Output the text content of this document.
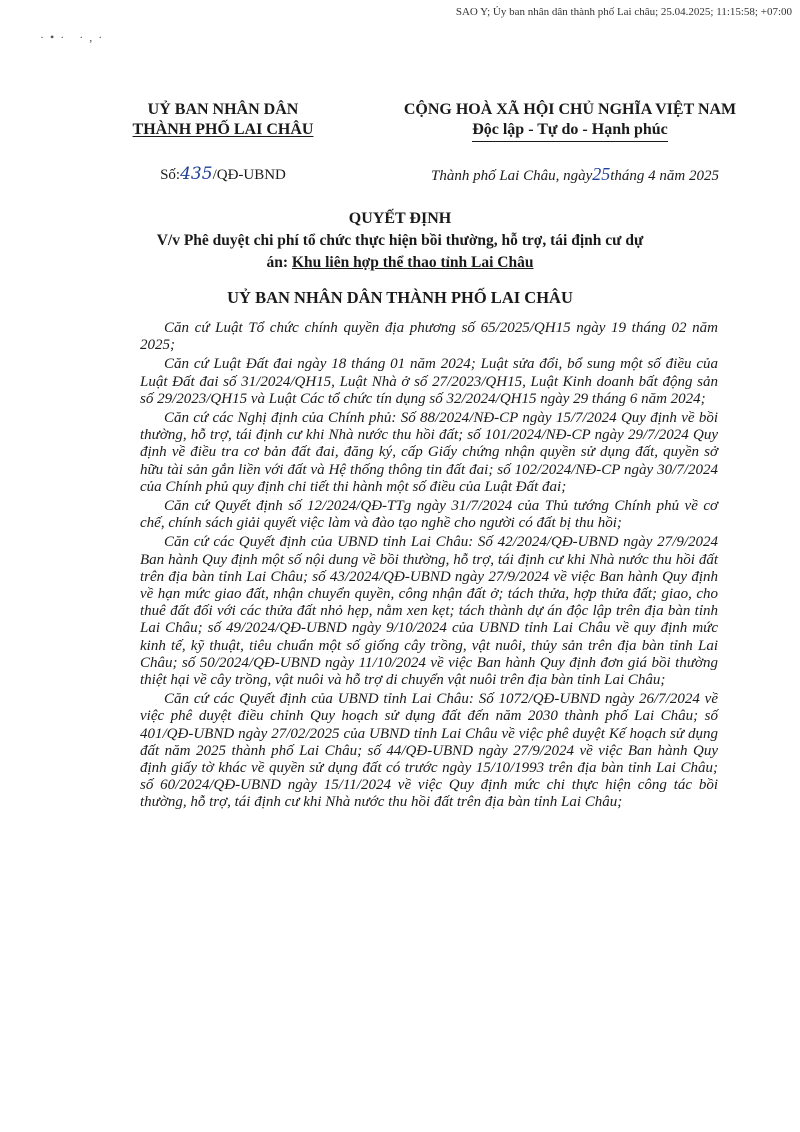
SAO Y; Ủy ban nhân dân thành phố Lai châu; 25.04.2025; 11:15:58; +07:00
·•· ·,·
UỶ BAN NHÂN DÂN
THÀNH PHỐ LAI CHÂU
CỘNG HOÀ XÃ HỘI CHỦ NGHĨA VIỆT NAM
Độc lập - Tự do - Hạnh phúc
Số:435/QĐ-UBND	Thành phố Lai Châu, ngày25tháng 4 năm 2025
QUYẾT ĐỊNH
V/v Phê duyệt chi phí tổ chức thực hiện bồi thường, hỗ trợ, tái định cư dự
án: Khu liên hợp thể thao tỉnh Lai Châu
UỶ BAN NHÂN DÂN THÀNH PHỐ LAI CHÂU

Căn cứ Luật Tổ chức chính quyền địa phương số 65/2025/QH15 ngày 19 tháng 02 năm 2025;

Căn cứ Luật Đất đai ngày 18 tháng 01 năm 2024; Luật sửa đổi, bổ sung một số điều của Luật Đất đai số 31/2024/QH15, Luật Nhà ở số 27/2023/QH15, Luật Kinh doanh bất động sản số 29/2023/QH15 và Luật Các tổ chức tín dụng số 32/2024/QH15 ngày 29 tháng 6 năm 2024;

Căn cứ các Nghị định của Chính phủ: Số 88/2024/NĐ-CP ngày 15/7/2024 Quy định về bồi thường, hỗ trợ, tái định cư khi Nhà nước thu hồi đất; số 101/2024/NĐ-CP ngày 29/7/2024 Quy định về điều tra cơ bản đất đai, đăng ký, cấp Giấy chứng nhận quyền sử dụng đất, quyền sở hữu tài sản gắn liền với đất và Hệ thống thông tin đất đai; số 102/2024/NĐ-CP ngày 30/7/2024 của Chính phủ quy định chi tiết thi hành một số điều của Luật Đất đai;

Căn cứ Quyết định số 12/2024/QĐ-TTg ngày 31/7/2024 của Thủ tướng Chính phủ về cơ chế, chính sách giải quyết việc làm và đào tạo nghề cho người có đất bị thu hồi;

Căn cứ các Quyết định của UBND tỉnh Lai Châu: Số 42/2024/QĐ-UBND ngày 27/9/2024 Ban hành Quy định một số nội dung về bồi thường, hỗ trợ, tái định cư khi Nhà nước thu hồi đất trên địa bàn tỉnh Lai Châu; số 43/2024/QĐ-UBND ngày 27/9/2024 về việc Ban hành Quy định về hạn mức giao đất, nhận chuyển quyền, công nhận đất ở; tách thửa, hợp thửa đất; giao, cho thuê đất đối với các thửa đất nhỏ hẹp, nằm xen kẹt; tách thành dự án độc lập trên địa bàn tỉnh Lai Châu; số 49/2024/QĐ-UBND ngày 9/10/2024 của UBND tỉnh Lai Châu về quy định mức kinh tế, kỹ thuật, tiêu chuẩn một số giống cây trồng, vật nuôi, thủy sản trên địa bàn tỉnh Lai Châu; số 50/2024/QĐ-UBND ngày 11/10/2024 về việc Ban hành Quy định đơn giá bồi thường thiệt hại về cây trồng, vật nuôi và hỗ trợ di chuyển vật nuôi trên địa bàn tỉnh Lai Châu;

Căn cứ các Quyết định của UBND tỉnh Lai Châu: Số 1072/QĐ-UBND ngày 26/7/2024 về việc phê duyệt điều chỉnh Quy hoạch sử dụng đất đến năm 2030 thành phố Lai Châu; số 401/QĐ-UBND ngày 27/02/2025 của UBND tỉnh Lai Châu về việc phê duyệt Kế hoạch sử dụng đất năm 2025 thành phố Lai Châu; số 44/QĐ-UBND ngày 27/9/2024 về việc Ban hành Quy định giấy tờ khác về quyền sử dụng đất có trước ngày 15/10/1993 trên địa bàn tỉnh Lai Châu; số 60/2024/QĐ-UBND ngày 15/11/2024 về việc Quy định mức chi thực hiện công tác bồi thường, hỗ trợ, tái định cư khi Nhà nước thu hồi đất trên địa bàn tỉnh Lai Châu;
